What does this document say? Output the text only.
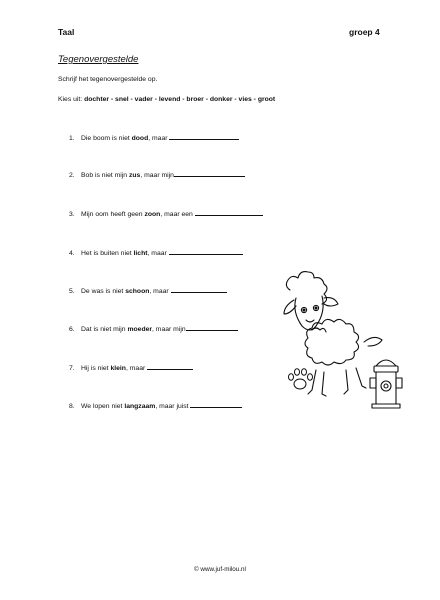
Taal	groep 4
Tegenovergestelde
Schrijf het tegenovergestelde op.
Kies uit: dochter - snel - vader - levend - broer - donker - vies - groot
1. Die boom is niet dood, maar
2. Bob is niet mijn zus, maar mijn
3. Mijn oom heeft geen zoon, maar een
4. Het is buiten niet licht, maar
5. De was is niet schoon, maar
6. Dat is niet mijn moeder, maar mijn
7. Hij is niet klein, maar
8. We lopen niet langzaam, maar juist
© www.juf-milou.nl
